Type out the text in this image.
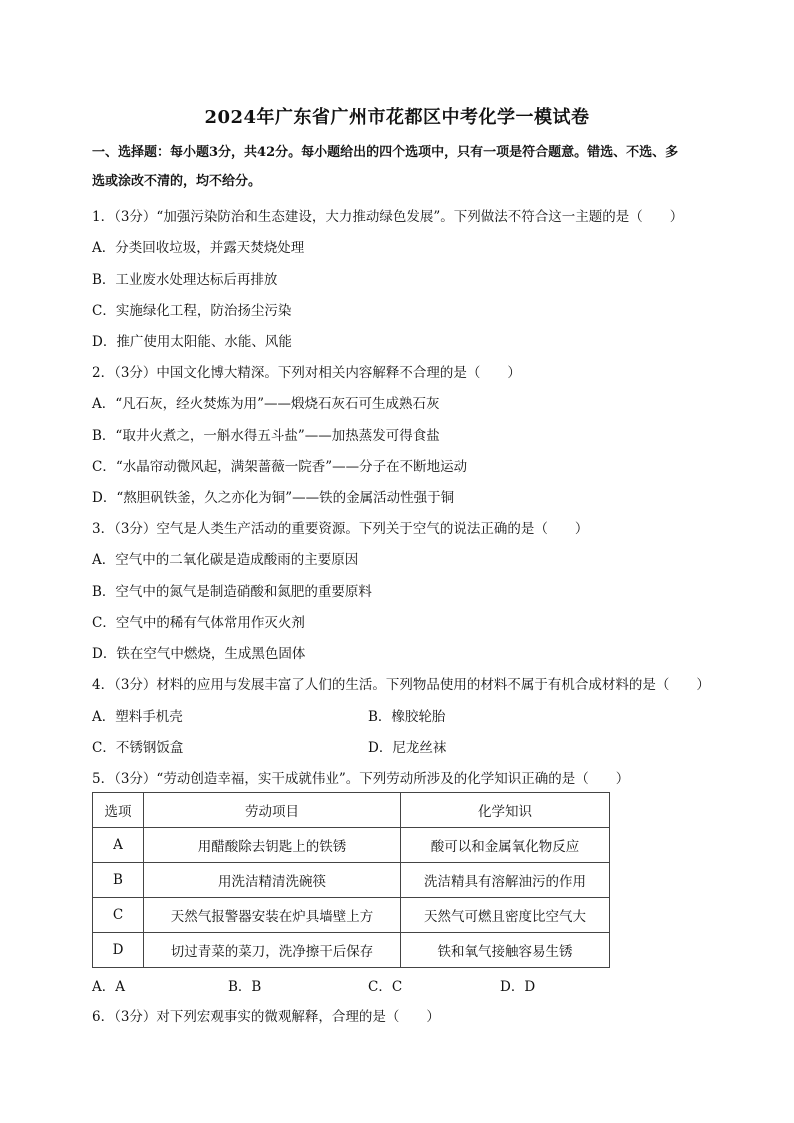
2024年广东省广州市花都区中考化学一模试卷
一、选择题：每小题3分，共42分。每小题给出的四个选项中，只有一项是符合题意。错选、不选、多
选或涂改不清的，均不给分。
1．（3分）“加强污染防治和生态建设，大力推动绿色发展”。下列做法不符合这一主题的是（　　）
A．分类回收垃圾，并露天焚烧处理
B．工业废水处理达标后再排放
C．实施绿化工程，防治扬尘污染
D．推广使用太阳能、水能、风能
2．（3分）中国文化博大精深。下列对相关内容解释不合理的是（　　）
A．“凡石灰，经火焚炼为用”——煅烧石灰石可生成熟石灰
B．“取井火煮之，一斛水得五斗盐”——加热蒸发可得食盐
C．“水晶帘动微风起，满架蔷薇一院香”——分子在不断地运动
D．“熬胆矾铁釜，久之亦化为铜”——铁的金属活动性强于铜
3．（3分）空气是人类生产活动的重要资源。下列关于空气的说法正确的是（　　）
A．空气中的二氧化碳是造成酸雨的主要原因
B．空气中的氮气是制造硝酸和氮肥的重要原料
C．空气中的稀有气体常用作灭火剂
D．铁在空气中燃烧，生成黑色固体
4．（3分）材料的应用与发展丰富了人们的生活。下列物品使用的材料不属于有机合成材料的是（　　）
A．塑料手机壳	B．橡胶轮胎
C．不锈钢饭盒	D．尼龙丝袜
5．（3分）“劳动创造幸福，实干成就伟业”。下列劳动所涉及的化学知识正确的是（　　）
选项	劳动项目	化学知识
A	用醋酸除去钥匙上的铁锈	酸可以和金属氧化物反应
B	用洗洁精清洗碗筷	洗洁精具有溶解油污的作用
C	天然气报警器安装在炉具墙壁上方	天然气可燃且密度比空气大
D	切过青菜的菜刀，洗净擦干后保存	铁和氧气接触容易生锈
A．A	B．B	C．C	D．D
6．（3分）对下列宏观事实的微观解释，合理的是（　　）
